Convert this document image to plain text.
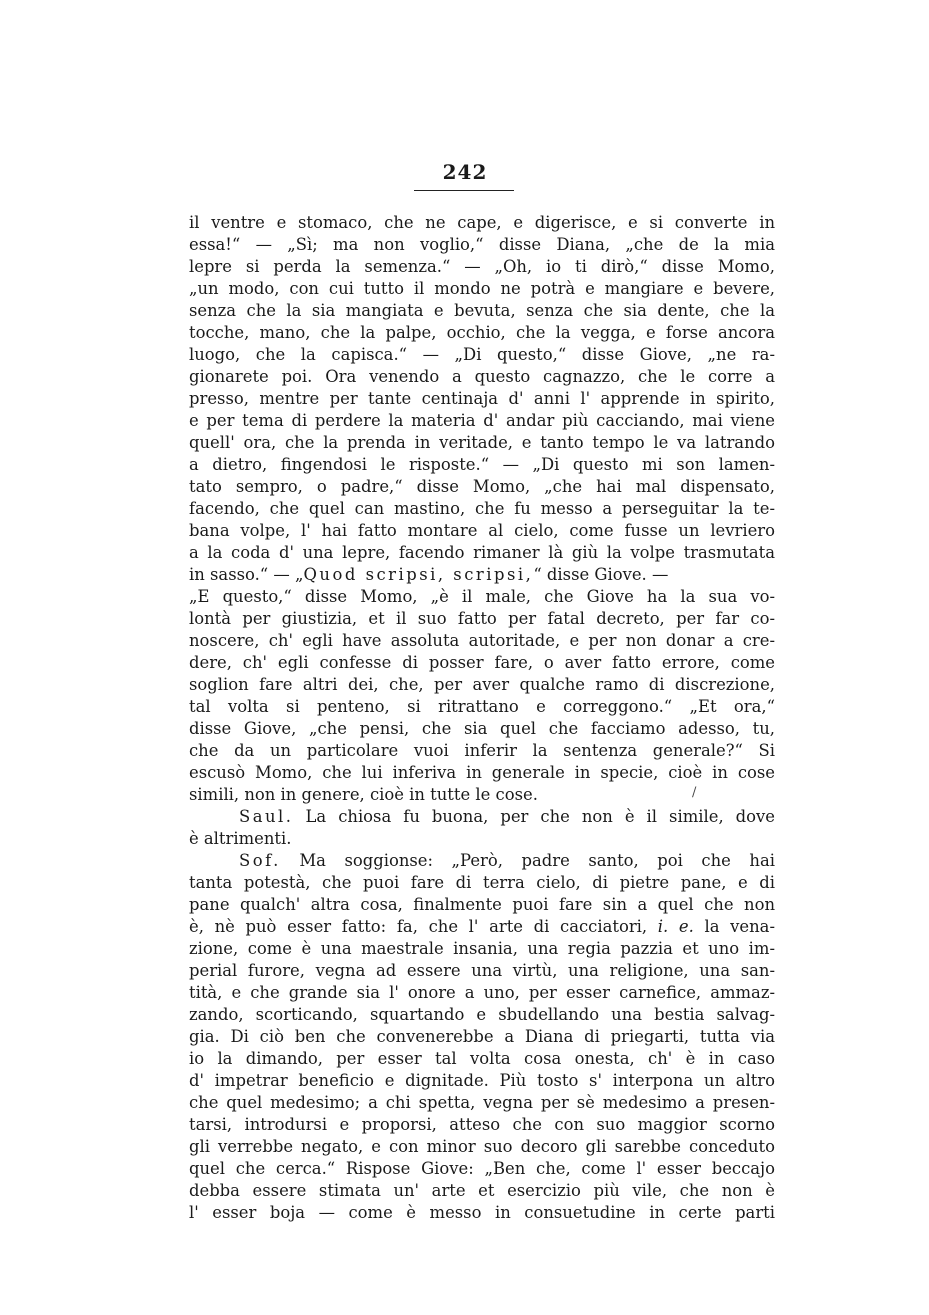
242
il ventre e stomaco, che ne cape, e digerisce, e si converte in
essa!“ — „Sì; ma non voglio,“ disse Diana, „che de la mia
lepre si perda la semenza.“ — „Oh, io ti dirò,“ disse Momo,
„un modo, con cui tutto il mondo ne potrà e mangiare e bevere,
senza che la sia mangiata e bevuta, senza che sia dente, che la
tocche, mano, che la palpe, occhio, che la vegga, e forse ancora
luogo, che la capisca.“ — „Di questo,“ disse Giove, „ne ra-
gionarete poi. Ora venendo a questo cagnazzo, che le corre a
presso, mentre per tante centinaja d' anni l' apprende in spirito,
e per tema di perdere la materia d' andar più cacciando, mai viene
quell' ora, che la prenda in veritade, e tanto tempo le va latrando
a dietro, fingendosi le risposte.“ — „Di questo mi son lamen-
tato sempro, o padre,“ disse Momo, „che hai mal dispensato,
facendo, che quel can mastino, che fu messo a perseguitar la te-
bana volpe, l' hai fatto montare al cielo, come fusse un levriero
a la coda d' una lepre, facendo rimaner là giù la volpe trasmutata
in sasso.“ — „Quod scripsi, scripsi,“ disse Giove. —
„E questo,“ disse Momo, „è il male, che Giove ha la sua vo-
lontà per giustizia, et il suo fatto per fatal decreto, per far co-
noscere, ch' egli have assoluta autoritade, e per non donar a cre-
dere, ch' egli confesse di posser fare, o aver fatto errore, come
soglion fare altri dei, che, per aver qualche ramo di discrezione,
tal volta si penteno, si ritrattano e correggono.“ „Et ora,“
disse Giove, „che pensi, che sia quel che facciamo adesso, tu,
che da un particolare vuoi inferir la sentenza generale?“ Si
escusò Momo, che lui inferiva in generale in specie, cioè in cose
simili, non in genere, cioè in tutte le cose.
Saul. La chiosa fu buona, per che non è il simile, dove
è altrimenti.
Sof. Ma soggionse: „Però, padre santo, poi che hai
tanta potestà, che puoi fare di terra cielo, di pietre pane, e di
pane qualch' altra cosa, finalmente puoi fare sin a quel che non
è, nè può esser fatto: fa, che l' arte di cacciatori, i. e. la vena-
zione, come è una maestrale insania, una regia pazzia et uno im-
perial furore, vegna ad essere una virtù, una religione, una san-
tità, e che grande sia l' onore a uno, per esser carnefice, ammaz-
zando, scorticando, squartando e sbudellando una bestia salvag-
gia. Di ciò ben che convenerebbe a Diana di priegarti, tutta via
io la dimando, per esser tal volta cosa onesta, ch' è in caso
d' impetrar beneficio e dignitade. Più tosto s' interpona un altro
che quel medesimo; a chi spetta, vegna per sè medesimo a presen-
tarsi, introdursi e proporsi, atteso che con suo maggior scorno
gli verrebbe negato, e con minor suo decoro gli sarebbe conceduto
quel che cerca.“ Rispose Giove: „Ben che, come l' esser beccajo
debba essere stimata un' arte et esercizio più vile, che non è
l' esser boja — come è messo in consuetudine in certe parti
/
